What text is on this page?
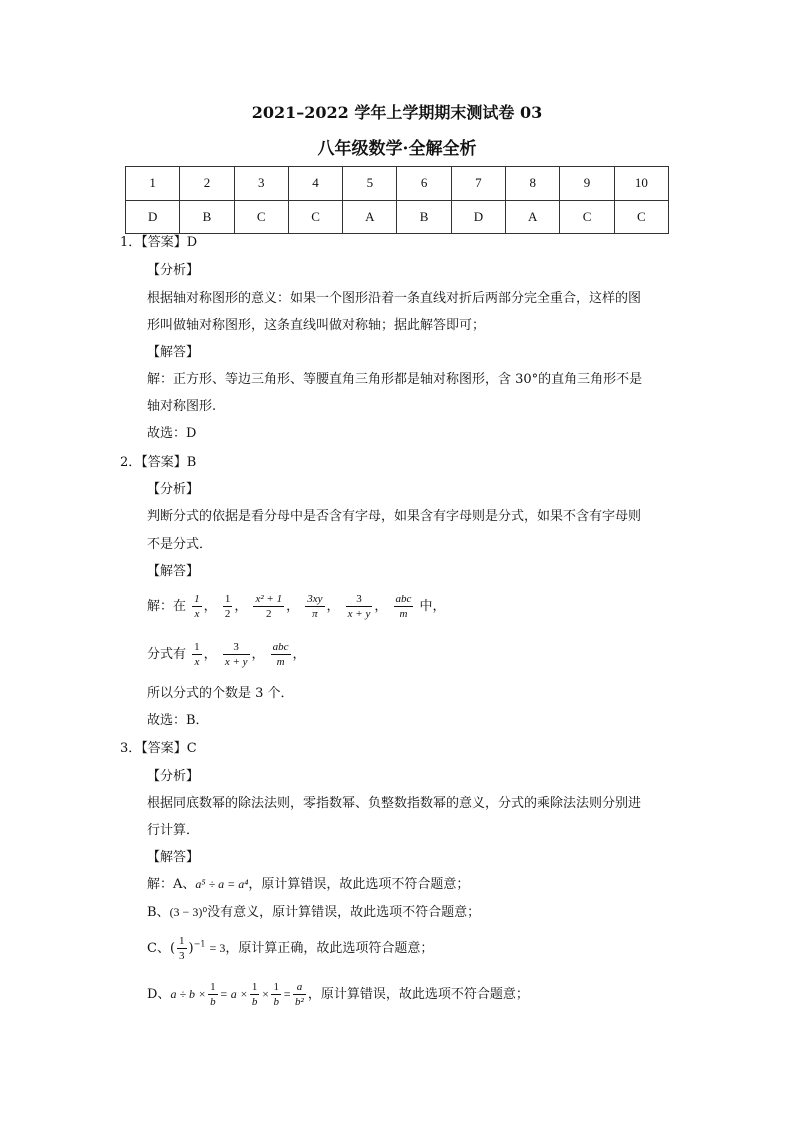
2021–2022 学年上学期期末测试卷 03
八年级数学·全解全析
1	2	3	4	5	6	7	8	9	10
D	B	C	C	A	B	D	A	C	C
1．【答案】D
【分析】
根据轴对称图形的意义：如果一个图形沿着一条直线对折后两部分完全重合，这样的图
形叫做轴对称图形，这条直线叫做对称轴；据此解答即可；
【解答】
解：正方形、等边三角形、等腰直角三角形都是轴对称图形，含 30°的直角三角形不是
轴对称图形.
故选：D
2．【答案】B
【分析】
判断分式的依据是看分母中是否含有字母，如果含有字母则是分式，如果不含有字母则
不是分式．
【解答】
解：在 $\frac{1}{x}$ ， $\frac{1}{2}$ ， $\frac{\text{x² + 1}}{2}$ ， $\frac{3xy}{\pi}$ ， $\frac{3}{x + y}$ ， $\frac{\text{abc}}{m}$ 中，
分式有 $\frac{1}{x}$ ， $\frac{3}{x + y}$ ， $\frac{\text{abc}}{m}$ ，
所以分式的个数是 3 个．
故选：B．
3．【答案】C
【分析】
根据同底数幂的除法法则，零指数幂、负整数指数幂的意义，分式的乘除法法则分别进
行计算．
【解答】
解：A、a⁵ ÷ a = a⁴，原计算错误，故此选项不符合题意；
B、(3 − 3)⁰没有意义，原计算错误，故此选项不符合题意；
C、( $\frac{1}{3} )^{-1} = 3$，原计算正确，故此选项符合题意；
D、$a \div b \times \frac{1}{b} = a \times \frac{1}{b} \times \frac{1}{b} = \frac{a}{\text{b²}}$ ，原计算错误，故此选项不符合题意；
